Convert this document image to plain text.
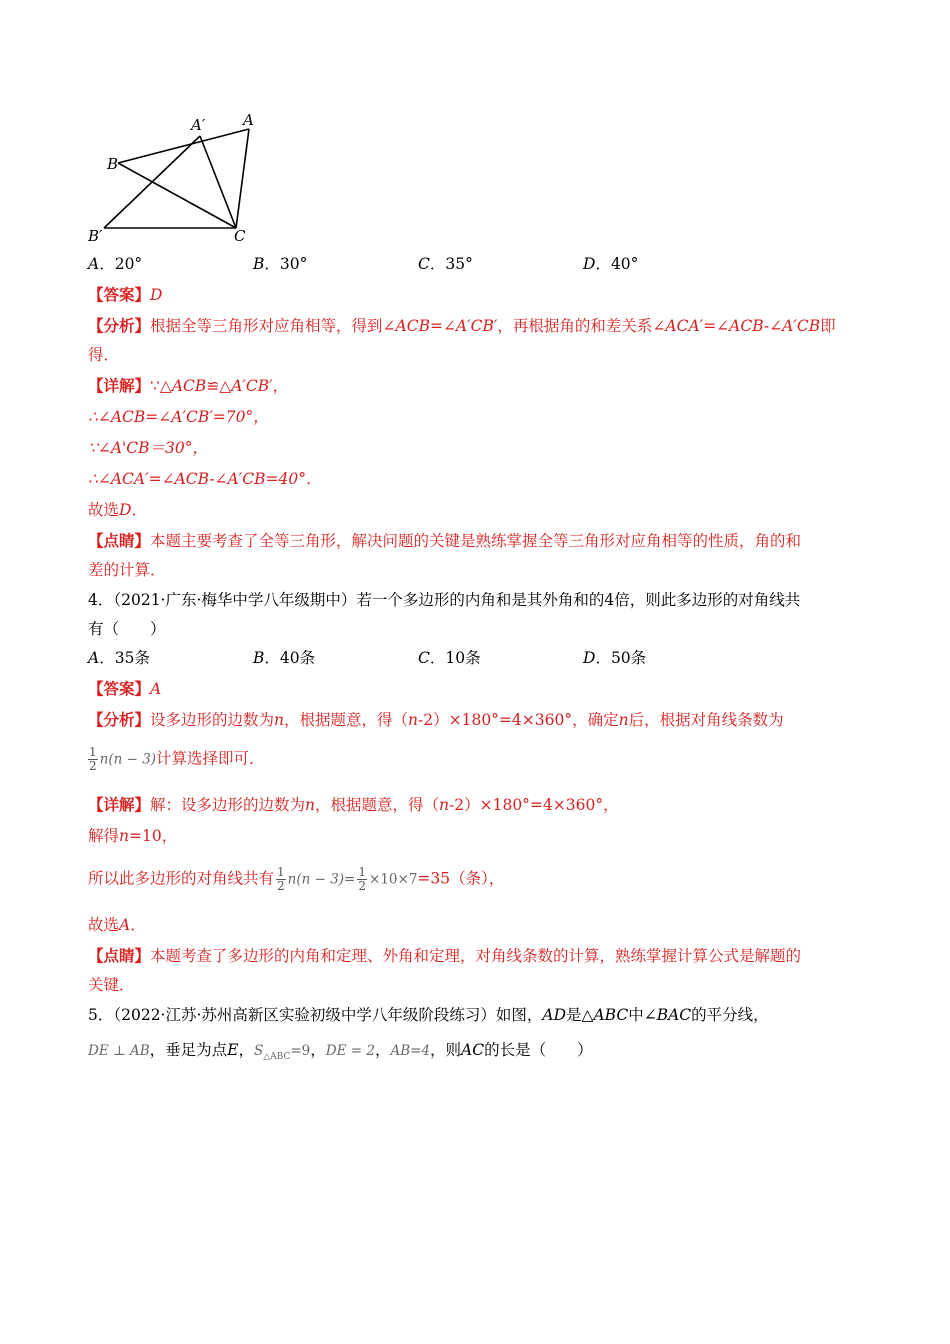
A
A′
B
B′	C
A．20°	B．30°	C．35°	D．40°
【答案】D
【分析】根据全等三角形对应角相等，得到∠ACB=∠A′CB′，再根据角的和差关系∠ACA′=∠ACB-∠A′CB即
得．
【详解】∵△ACB≌△A′CB′，
∴∠ACB=∠A′CB′=70°，
∵∠A'CB＝30°，
∴∠ACA′=∠ACB-∠A′CB=40°．
故选D．
【点睛】本题主要考查了全等三角形，解决问题的关键是熟练掌握全等三角形对应角相等的性质，角的和
差的计算．
4．（2021·广东·梅华中学八年级期中）若一个多边形的内角和是其外角和的4倍，则此多边形的对角线共
有（　　）
A．35条	B．40条	C．10条	D．50条
【答案】A
【分析】设多边形的边数为n，根据题意，得（n-2）×180°=4×360°，确定n后，根据对角线条数为
$\frac{1}{2} n(n - 3)$计算选择即可．
【详解】解：设多边形的边数为n，根据题意，得（n-2）×180°=4×360°，
解得n=10，
所以此多边形的对角线共有 $\frac{1}{2} n(n - 3)= \frac{1}{2} \times 10\times 7=35$（条），
故选A．
【点睛】本题考查了多边形的内角和定理、外角和定理，对角线条数的计算，熟练掌握计算公式是解题的
关键．
5．（2022·江苏·苏州高新区实验初级中学八年级阶段练习）如图，AD是△ABC中∠BAC的平分线，
DE ⊥ AB，垂足为点E，$S_{\triangle ABC}=9$，DE = 2，AB=4，则AC的长是（　　）
